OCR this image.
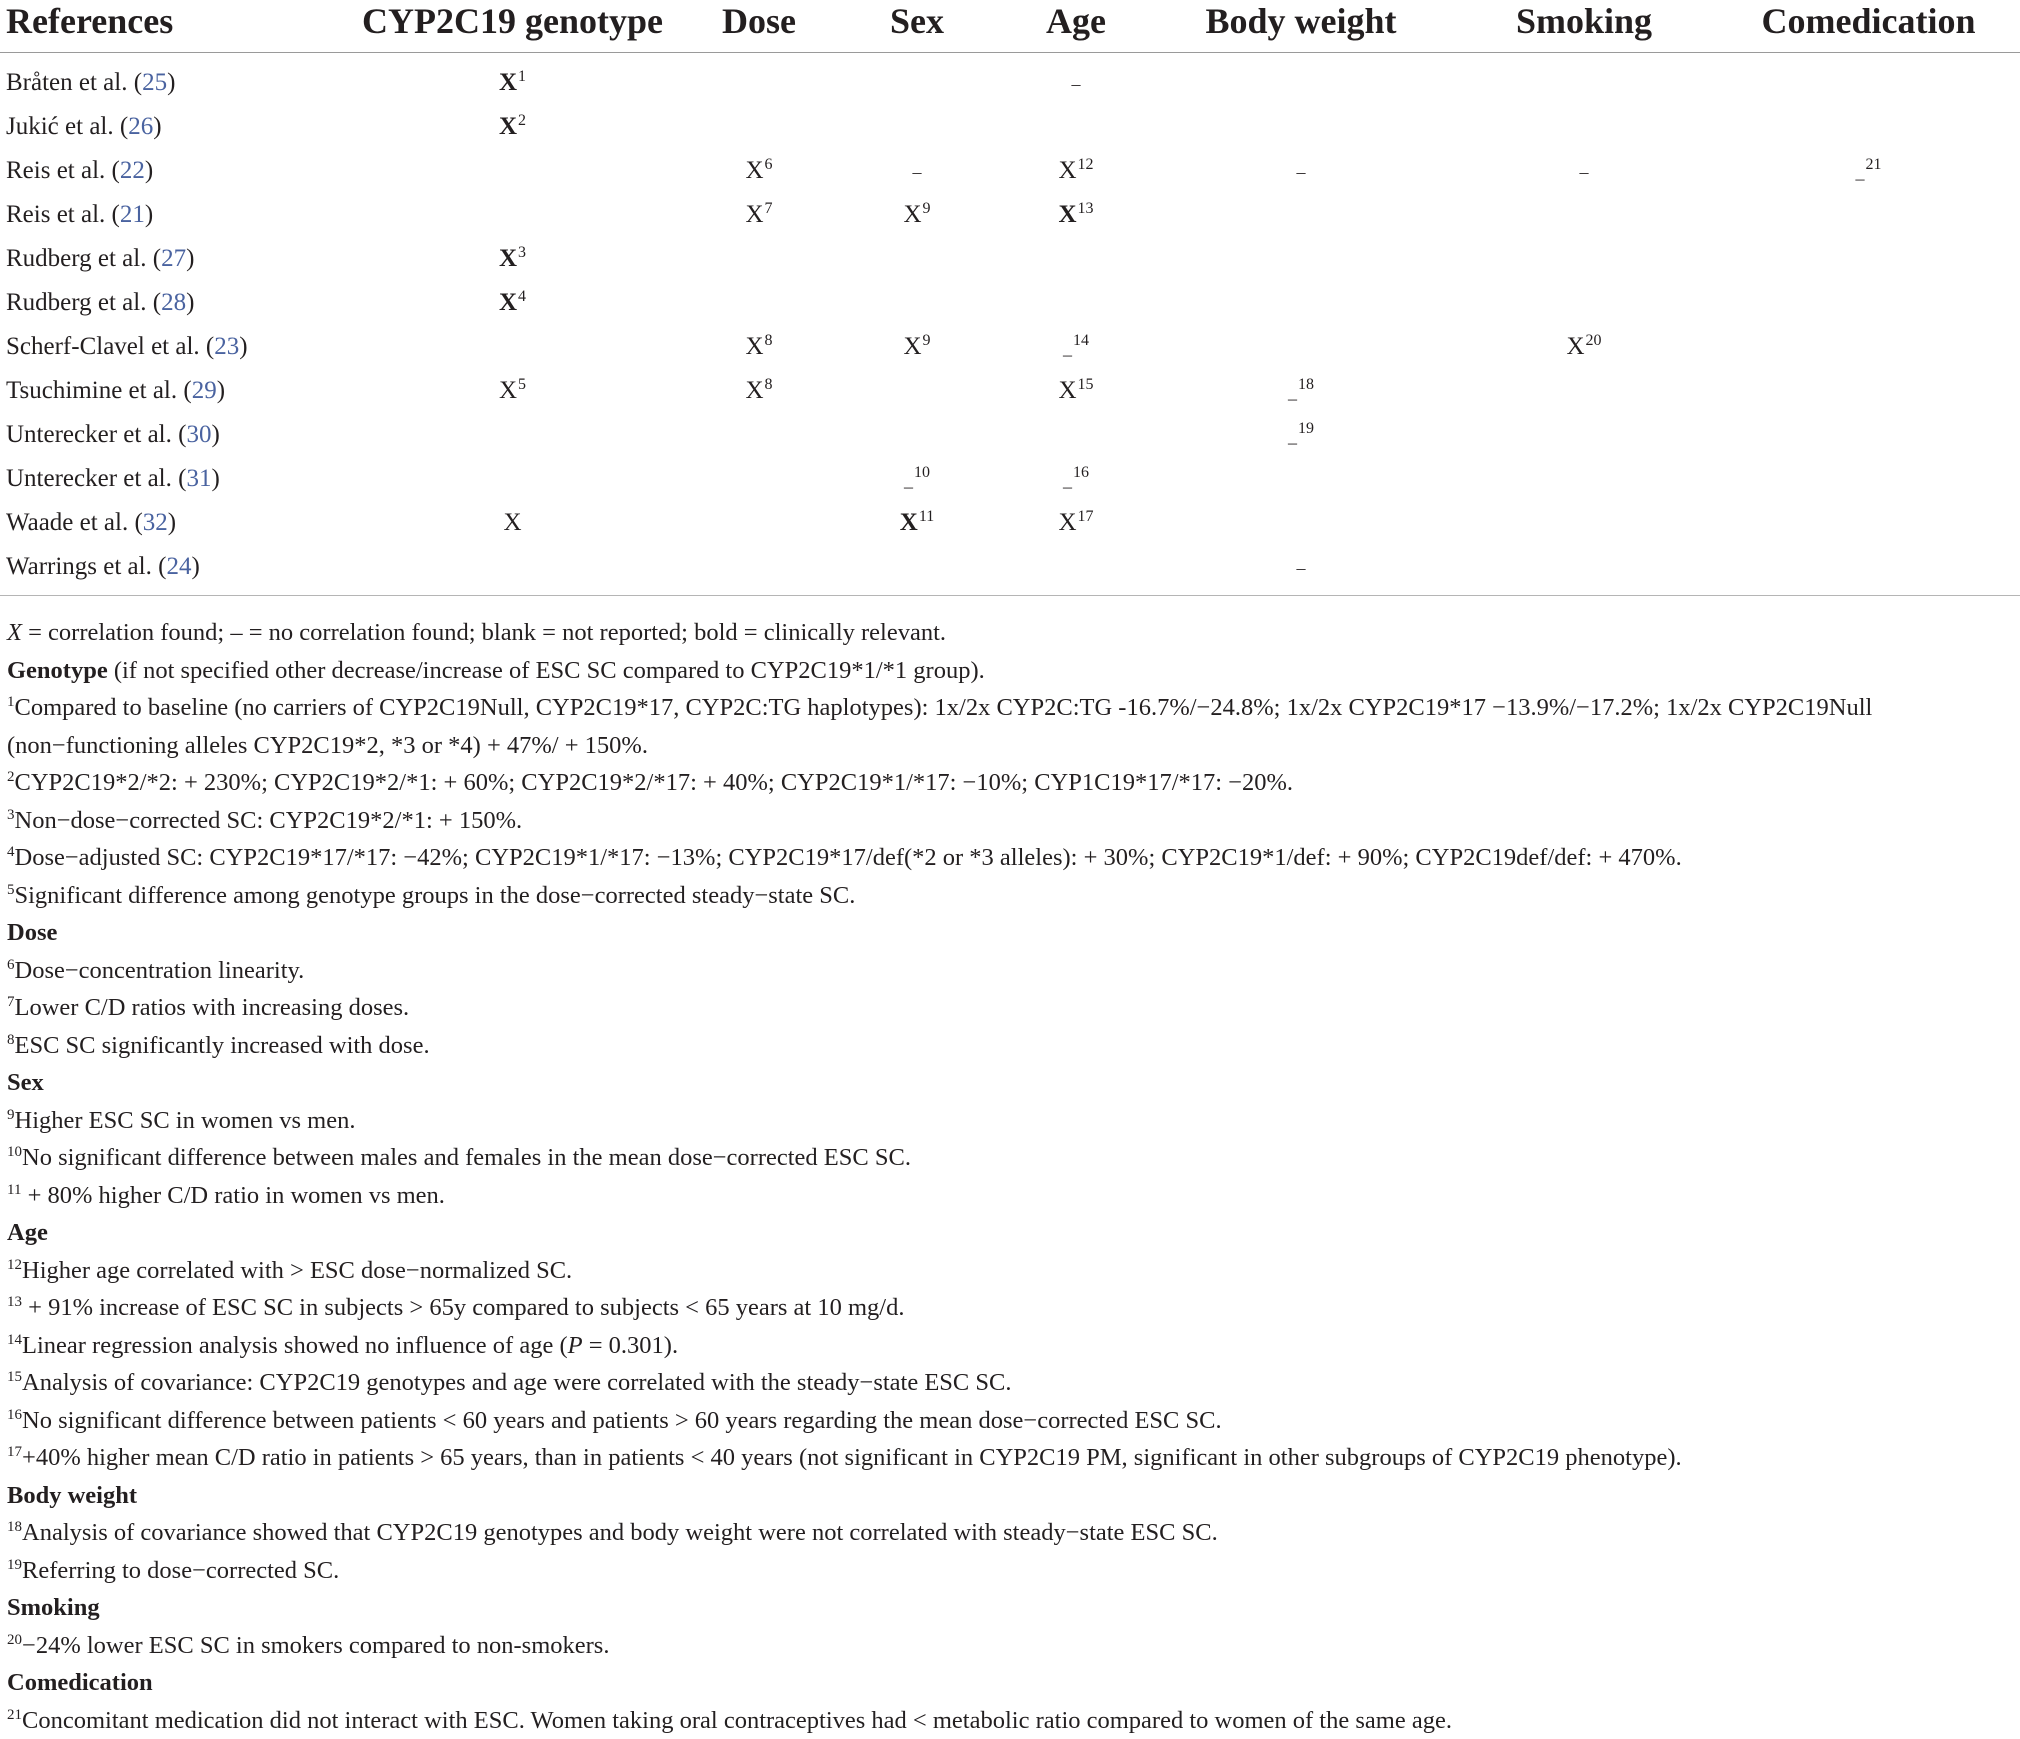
References	CYP2C19 genotype	Dose	Sex	Age	Body weight	Smoking	Comedication	
Bråten et al. (25)	$X^1$			–				
Jukić et al. (26)	$X^2$							
Reis et al. (22)		$X^6$	–	$X^{12}$	–	–	_$^{21}$	
Reis et al. (21)		$X^7$	$X^9$	$X^{13}$				
Rudberg et al. (27)	$X^3$							
Rudberg et al. (28)	$X^4$							
Scherf-Clavel et al. (23)		$X^8$	$X^9$	_$^{14}$		$X^{20}$		
Tsuchimine et al. (29)	$X^5$	$X^8$		$X^{15}$	_$^{18}$			
Unterecker et al. (30)					_$^{19}$			
Unterecker et al. (31)			_$^{10}$	_$^{16}$				
Waade et al. (32)	X		$X^{11}$	$X^{17}$				
Warrings et al. (24)					–			
X = correlation found; – = no correlation found; blank = not reported; bold = clinically relevant.
Genotype (if not specified other decrease/increase of ESC SC compared to CYP2C19*1/*1 group).
$^1$Compared to baseline (no carriers of CYP2C19Null, CYP2C19*17, CYP2C:TG haplotypes): 1x/2x CYP2C:TG -16.7%/−24.8%; 1x/2x CYP2C19*17 −13.9%/−17.2%; 1x/2x CYP2C19Null (non−functioning alleles CYP2C19*2, *3 or *4) + 47%/ + 150%.
$^2$CYP2C19*2/*2: + 230%; CYP2C19*2/*1: + 60%; CYP2C19*2/*17: + 40%; CYP2C19*1/*17: −10%; CYP1C19*17/*17: −20%.
$^3$Non−dose−corrected SC: CYP2C19*2/*1: + 150%.
$^4$Dose−adjusted SC: CYP2C19*17/*17: −42%; CYP2C19*1/*17: −13%; CYP2C19*17/def(*2 or *3 alleles): + 30%; CYP2C19*1/def: + 90%; CYP2C19def/def: + 470%.
$^5$Significant difference among genotype groups in the dose−corrected steady−state SC.
Dose
$^6$Dose−concentration linearity.
$^7$Lower C/D ratios with increasing doses.
$^8$ESC SC significantly increased with dose.
Sex
$^9$Higher ESC SC in women vs men.
$^{10}$No significant difference between males and females in the mean dose−corrected ESC SC.
$^{11}$ + 80% higher C/D ratio in women vs men.
Age
$^{12}$Higher age correlated with > ESC dose−normalized SC.
$^{13}$ + 91% increase of ESC SC in subjects > 65y compared to subjects < 65 years at 10 mg/d.
$^{14}$Linear regression analysis showed no influence of age (P = 0.301).
$^{15}$Analysis of covariance: CYP2C19 genotypes and age were correlated with the steady−state ESC SC.
$^{16}$No significant difference between patients < 60 years and patients > 60 years regarding the mean dose−corrected ESC SC.
$^{17}$+40% higher mean C/D ratio in patients > 65 years, than in patients < 40 years (not significant in CYP2C19 PM, significant in other subgroups of CYP2C19 phenotype).
Body weight
$^{18}$Analysis of covariance showed that CYP2C19 genotypes and body weight were not correlated with steady−state ESC SC.
$^{19}$Referring to dose−corrected SC.
Smoking
$^{20}$−24% lower ESC SC in smokers compared to non-smokers.
Comedication
$^{21}$Concomitant medication did not interact with ESC. Women taking oral contraceptives had < metabolic ratio compared to women of the same age.
